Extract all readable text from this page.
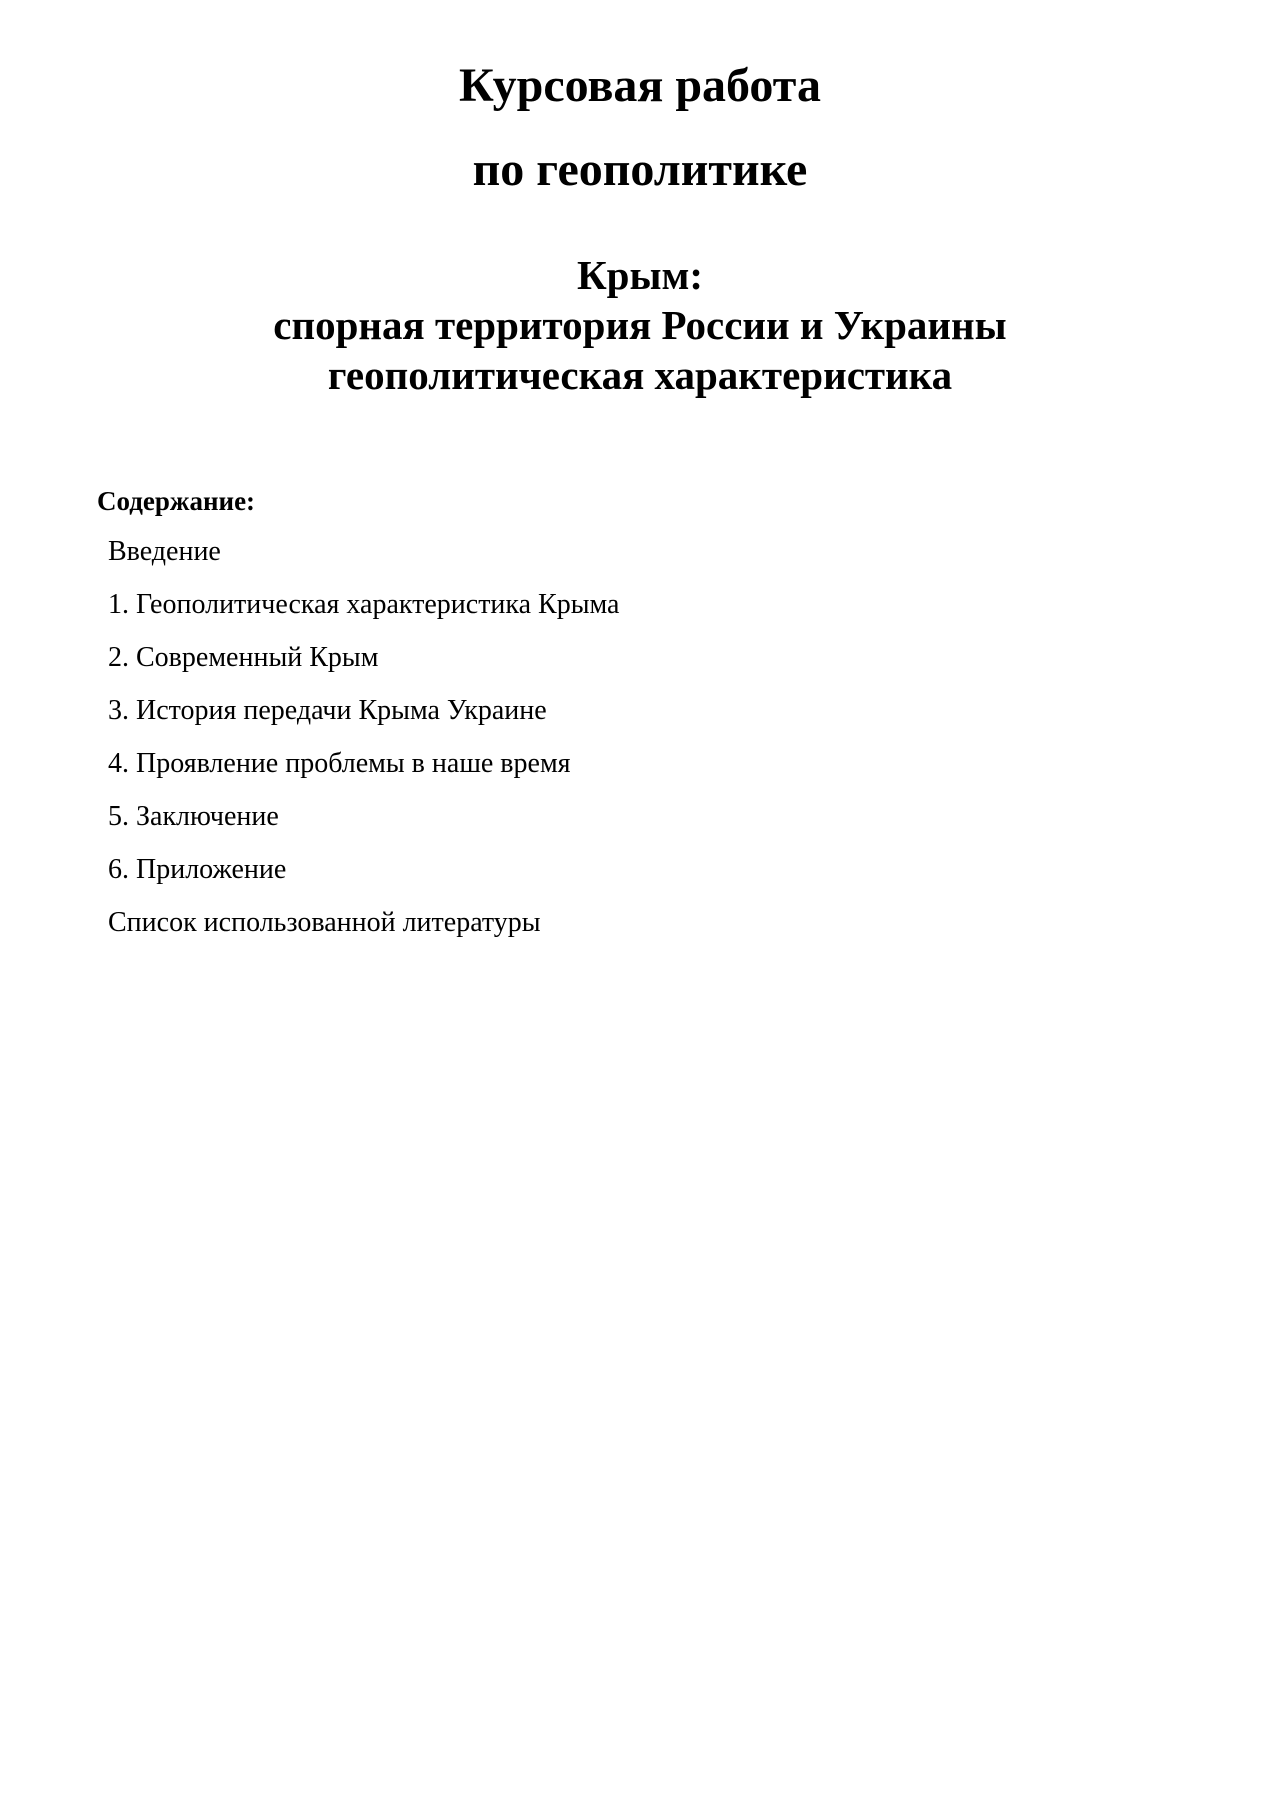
Курсовая работа
по геополитике
Крым:
спорная территория России и Украины
геополитическая характеристика
Содержание:
Введение
1. Геополитическая характеристика Крыма
2. Современный Крым
3. История передачи Крыма Украине
4. Проявление проблемы в наше время
5. Заключение
6. Приложение
Список использованной литературы
